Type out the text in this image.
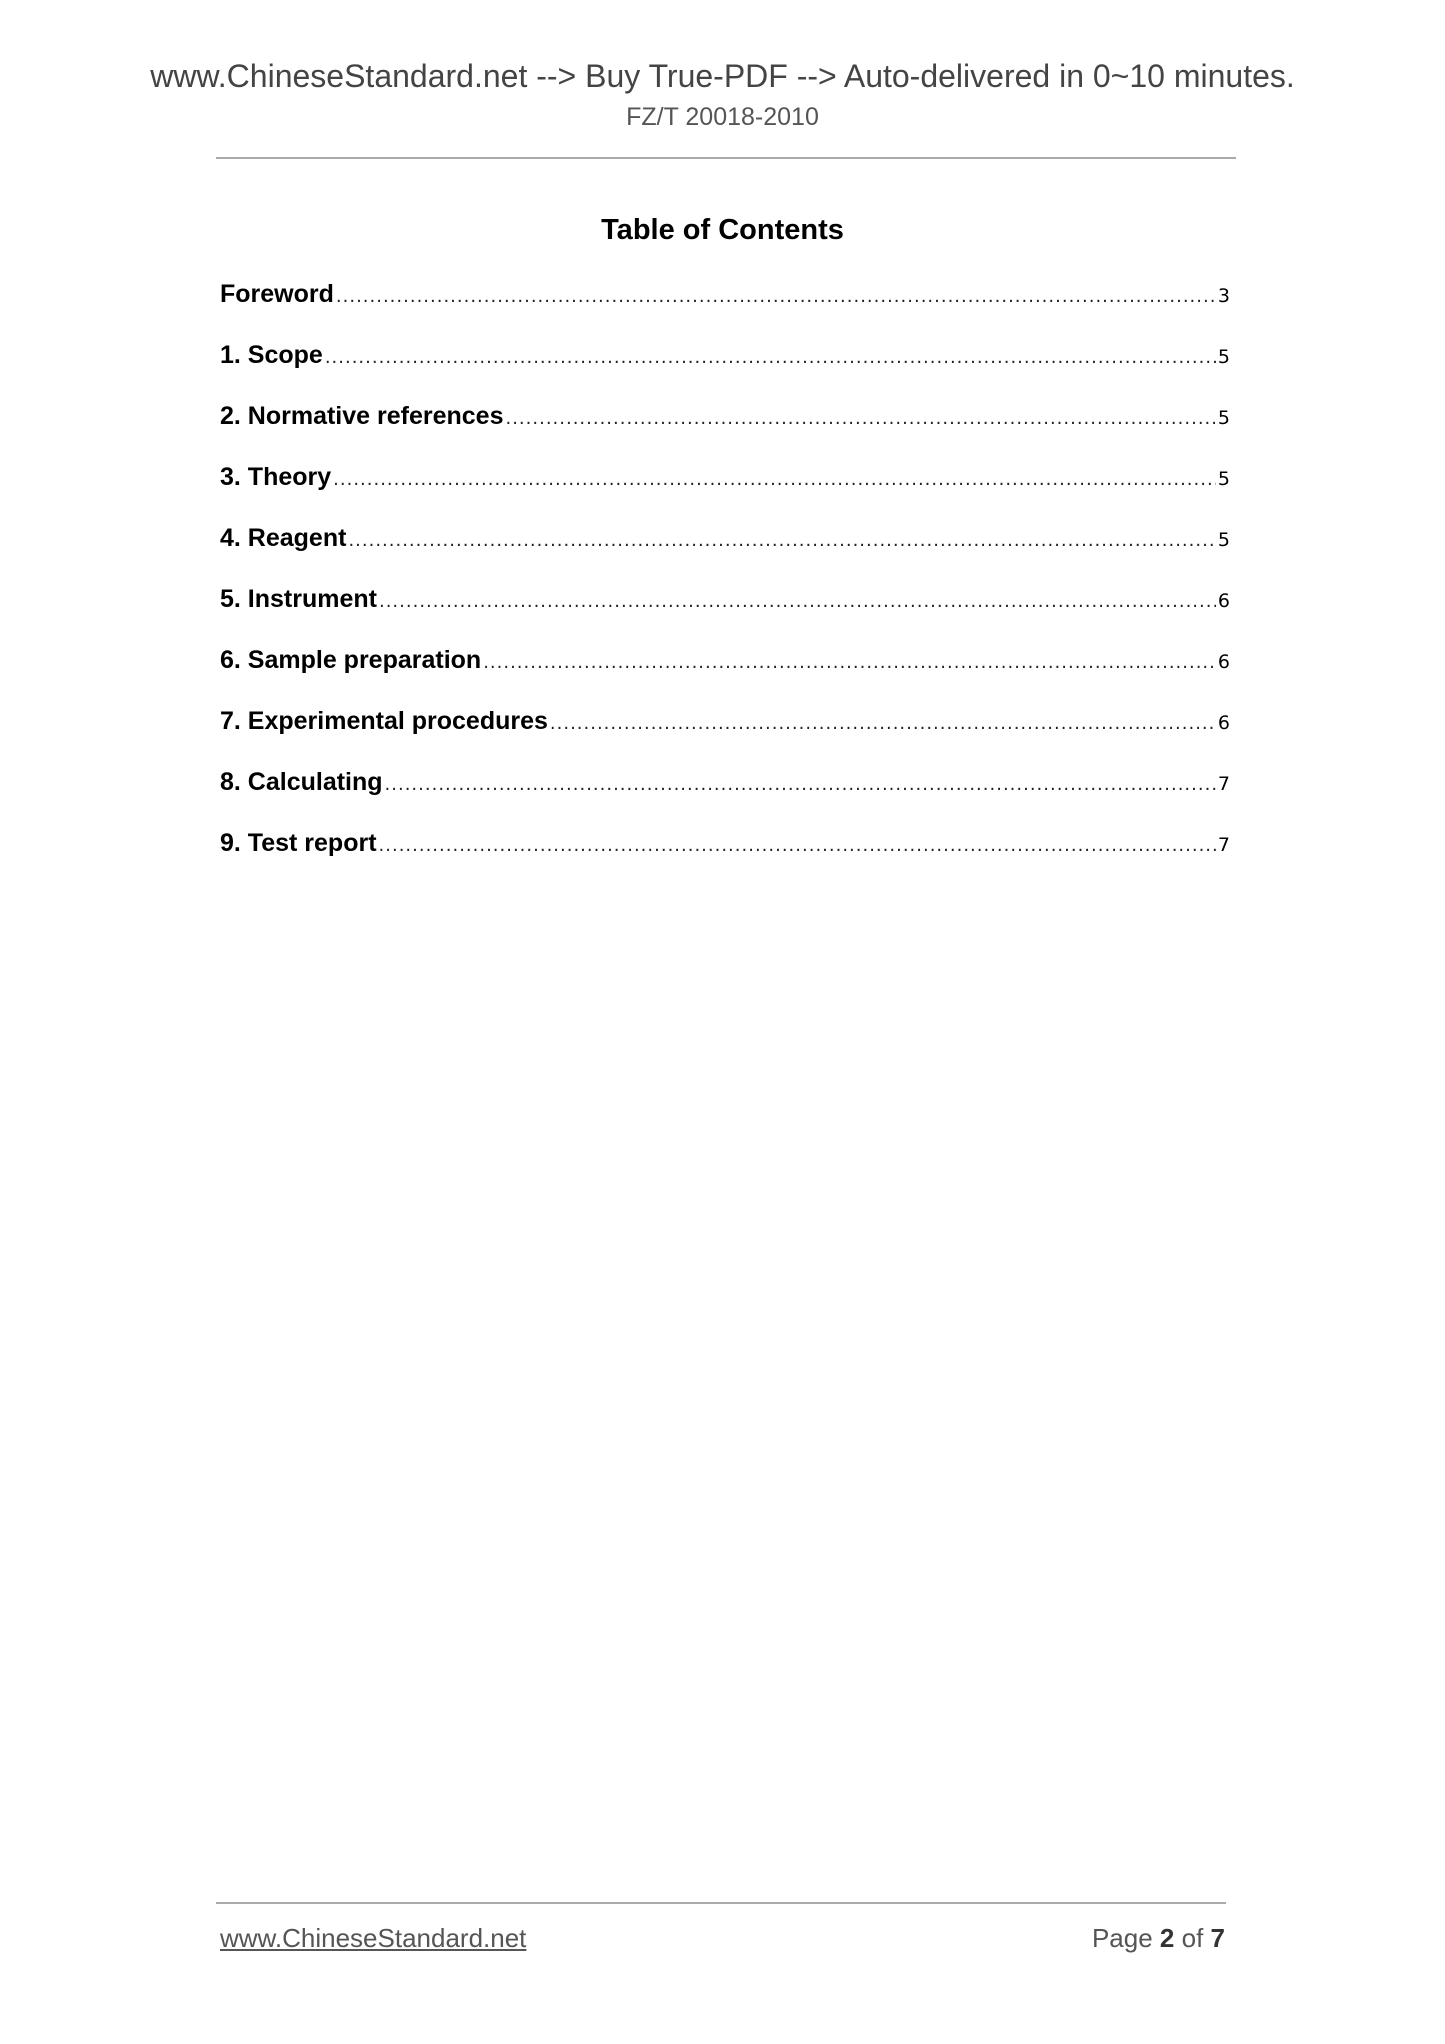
www.ChineseStandard.net --> Buy True-PDF --> Auto-delivered in 0~10 minutes.
FZ/T 20018-2010
Table of Contents
Foreword .....	3
1. Scope .....	5
2. Normative references .....	5
3. Theory .....	5
4. Reagent .....	5
5. Instrument .....	6
6. Sample preparation .....	6
7. Experimental procedures .....	6
8. Calculating .....	7
9. Test report .....	7
www.ChineseStandard.net	Page 2 of 7
